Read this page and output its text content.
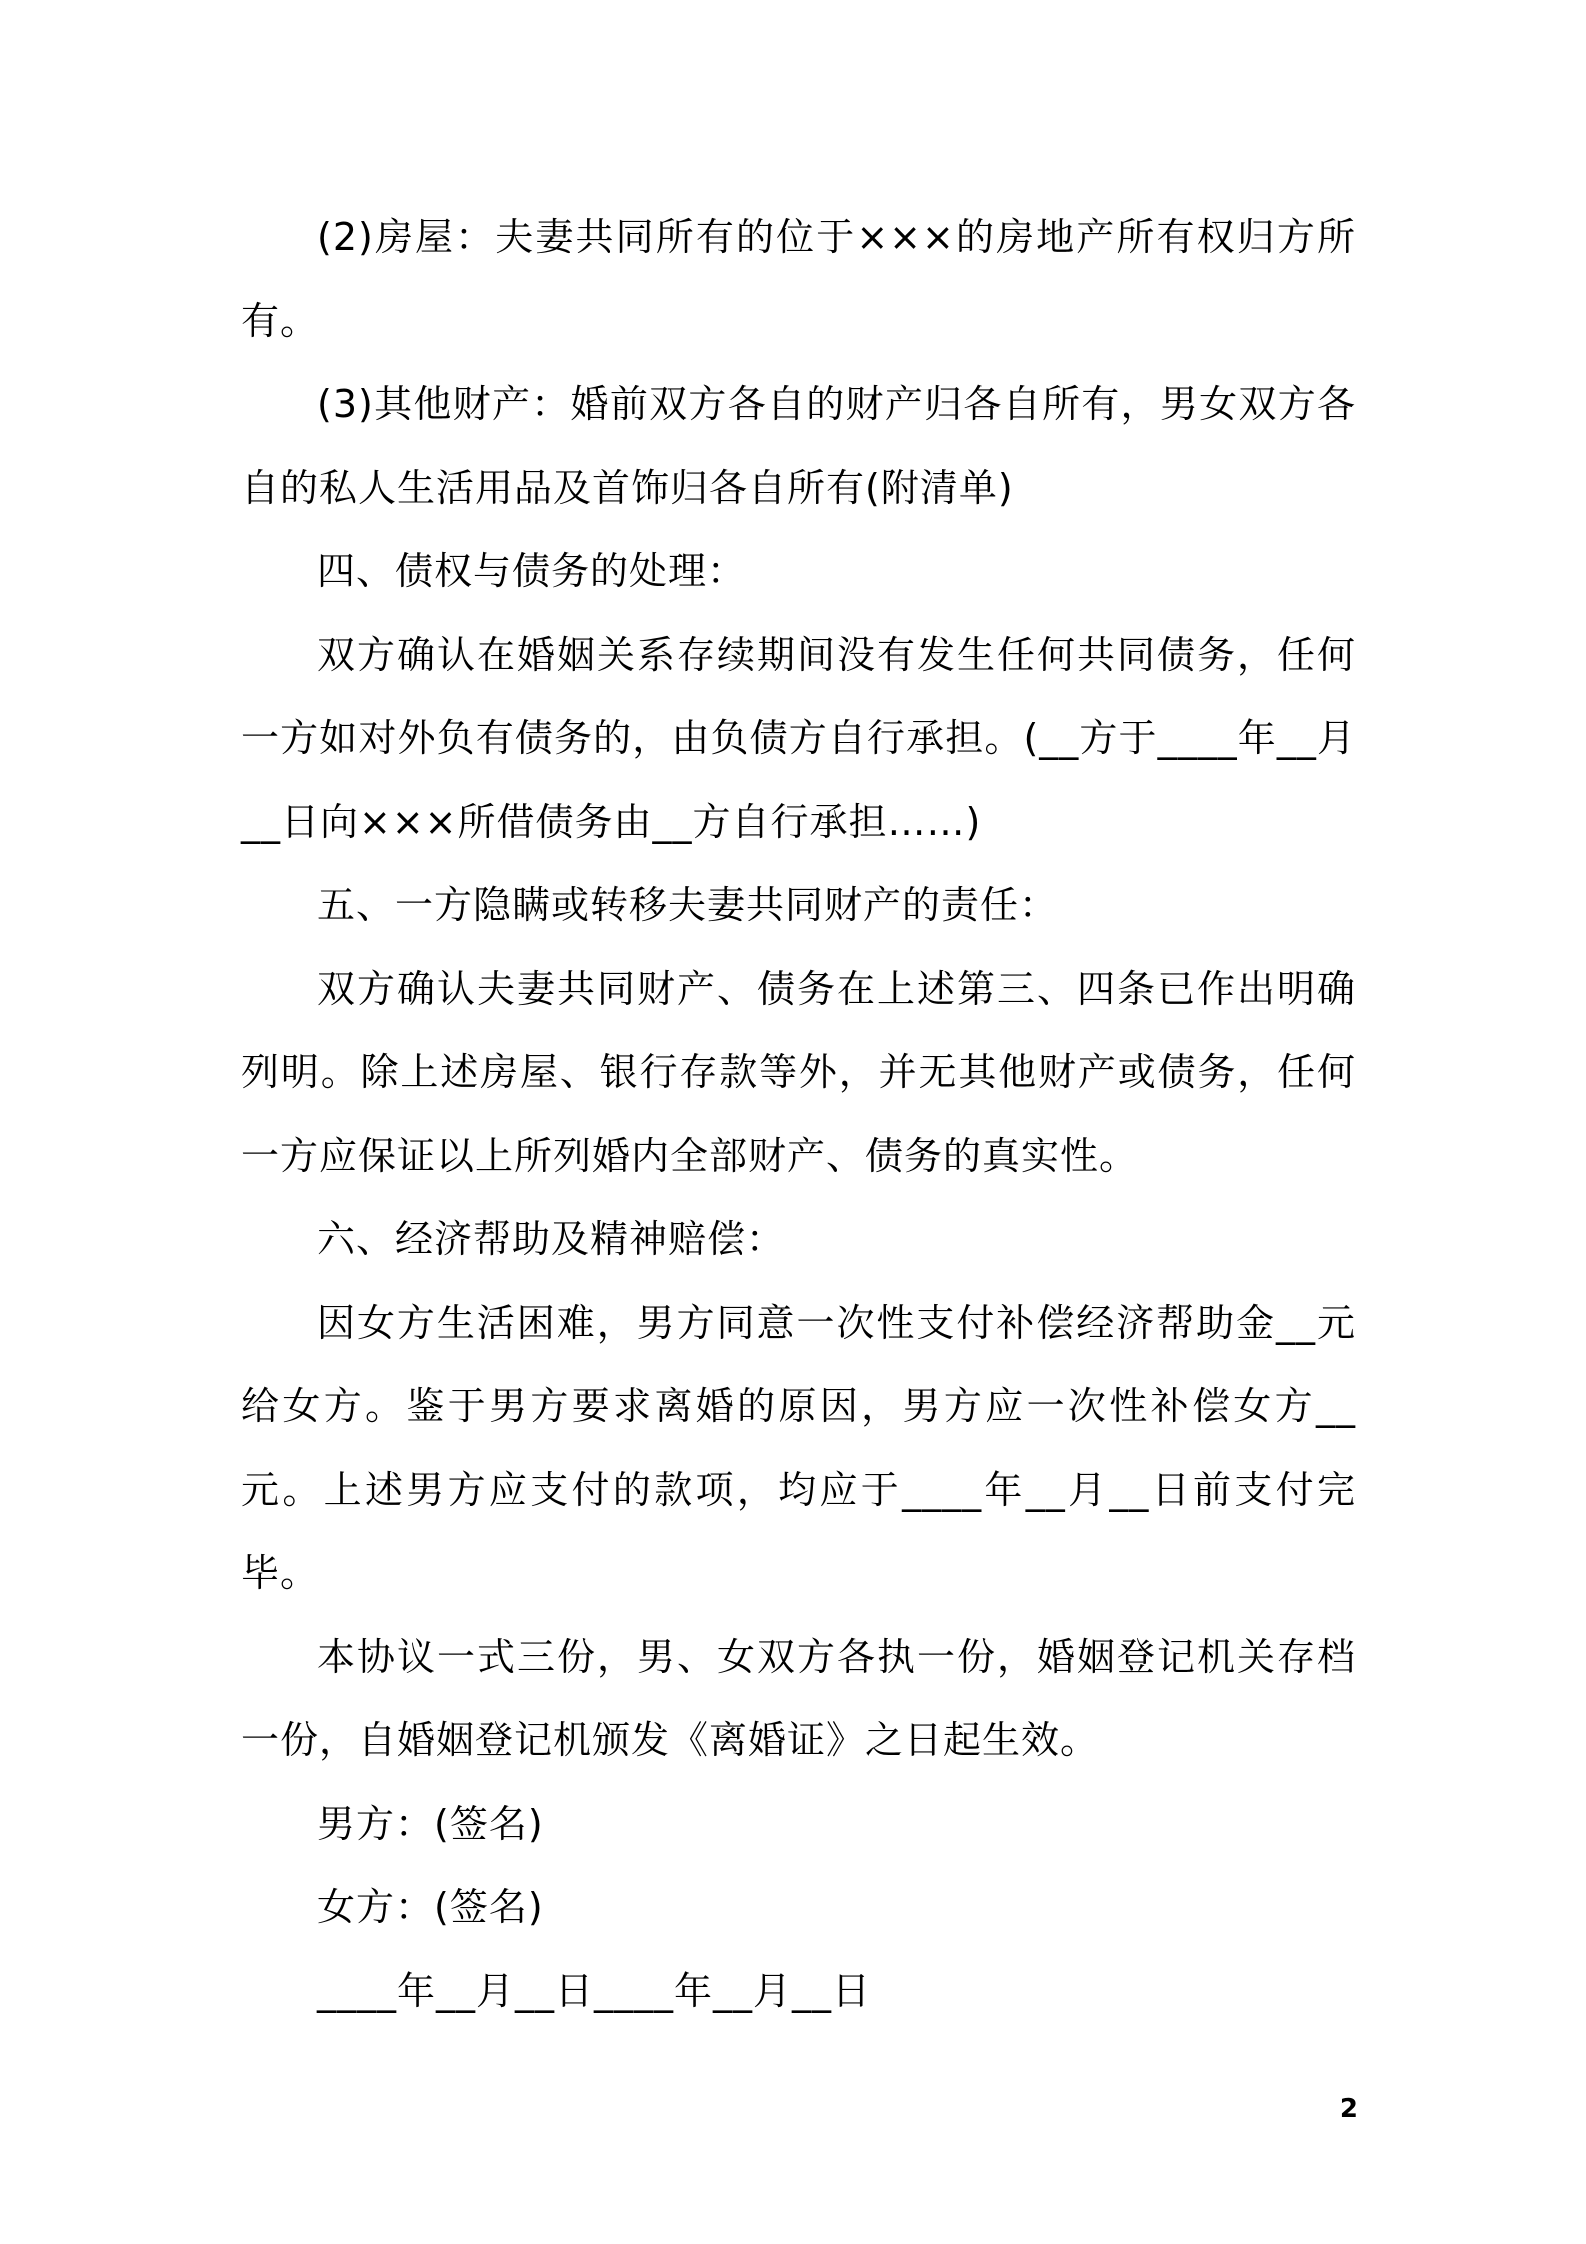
(2)房屋：夫妻共同所有的位于×××的房地产所有权归方所有。

(3)其他财产：婚前双方各自的财产归各自所有，男女双方各自的私人生活用品及首饰归各自所有(附清单)

四、债权与债务的处理：

双方确认在婚姻关系存续期间没有发生任何共同债务，任何一方如对外负有债务的，由负债方自行承担。(__方于____年__月__日向×××所借债务由__方自行承担……)

五、一方隐瞒或转移夫妻共同财产的责任：

双方确认夫妻共同财产、债务在上述第三、四条已作出明确列明。除上述房屋、银行存款等外，并无其他财产或债务，任何一方应保证以上所列婚内全部财产、债务的真实性。

六、经济帮助及精神赔偿：

因女方生活困难，男方同意一次性支付补偿经济帮助金__元给女方。鉴于男方要求离婚的原因，男方应一次性补偿女方__元。上述男方应支付的款项，均应于____年__月__日前支付完毕。

本协议一式三份，男、女双方各执一份，婚姻登记机关存档一份，自婚姻登记机颁发《离婚证》之日起生效。

男方：(签名)

女方：(签名)

____年__月__日____年__月__日

2
